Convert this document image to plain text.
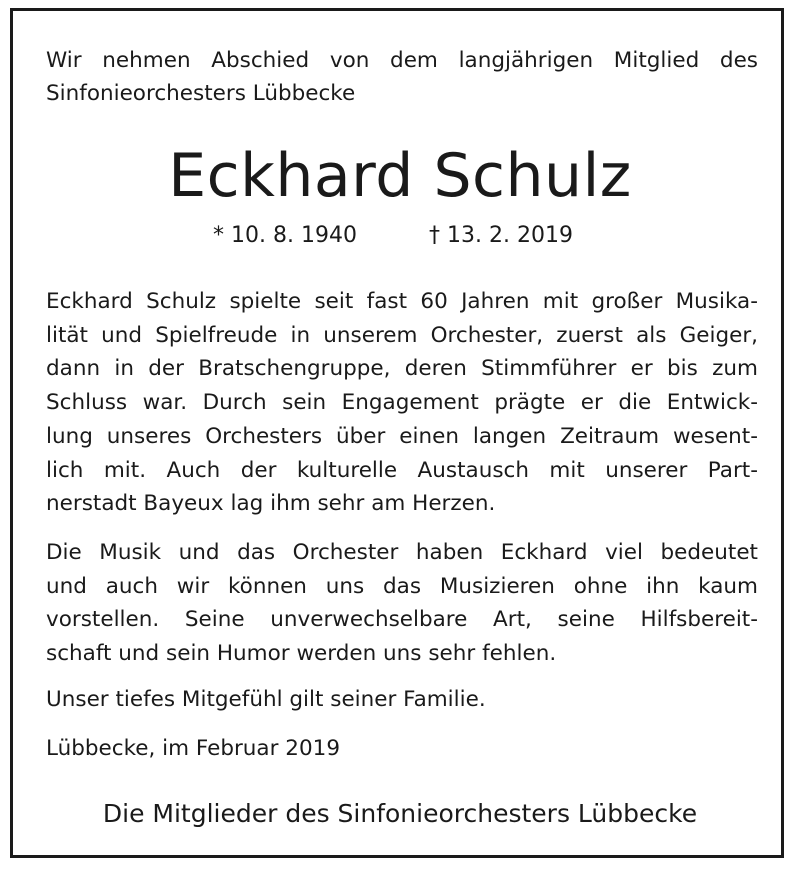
Wir nehmen Abschied von dem langjährigen Mitglied des Sinfonieorchesters Lübbecke
Eckhard Schulz
* 10. 8. 1940	† 13. 2. 2019
Eckhard Schulz spielte seit fast 60 Jahren mit großer Musika-
lität und Spielfreude in unserem Orchester, zuerst als Geiger,
dann in der Bratschengruppe, deren Stimmführer er bis zum
Schluss war. Durch sein Engagement prägte er die Entwick-
lung unseres Orchesters über einen langen Zeitraum wesent-
lich mit. Auch der kulturelle Austausch mit unserer Part-
nerstadt Bayeux lag ihm sehr am Herzen.
Die Musik und das Orchester haben Eckhard viel bedeutet
und auch wir können uns das Musizieren ohne ihn kaum
vorstellen. Seine unverwechselbare Art, seine Hilfsbereit-
schaft und sein Humor werden uns sehr fehlen.
Unser tiefes Mitgefühl gilt seiner Familie.
Lübbecke, im Februar 2019
Die Mitglieder des Sinfonieorchesters Lübbecke
